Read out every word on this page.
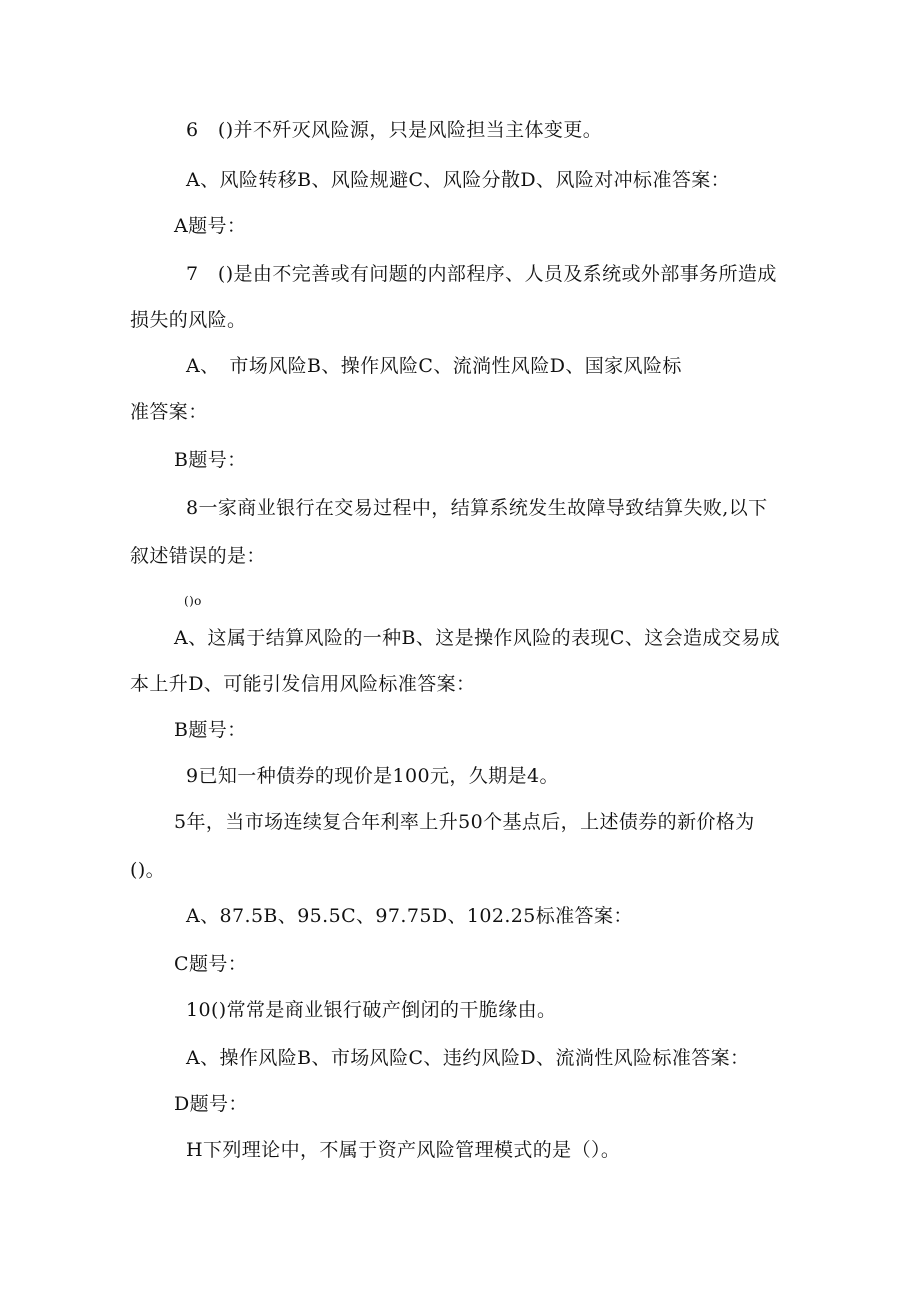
6　()并不歼灭风险源，只是风险担当主体变更。
A、风险转移B、风险规避C、风险分散D、风险对冲标准答案：
A题号：
7　()是由不完善或有问题的内部程序、人员及系统或外部事务所造成
损失的风险。
A、　市场风险B、操作风险C、流淌性风险D、国家风险标
准答案：
B题号：
8一家商业银行在交易过程中，结算系统发生故障导致结算失败,以下
叙述错误的是：
()o
A、这属于结算风险的一种B、这是操作风险的表现C、这会造成交易成
本上升D、可能引发信用风险标准答案：
B题号：
9已知一种债券的现价是100元，久期是4。
5年，当市场连续复合年利率上升50个基点后，上述债券的新价格为
()。
A、87.5B、95.5C、97.75D、102.25标准答案：
C题号：
10()常常是商业银行破产倒闭的干脆缘由。
A、操作风险B、市场风险C、违约风险D、流淌性风险标准答案：
D题号：
H下列理论中，不属于资产风险管理模式的是（）。
